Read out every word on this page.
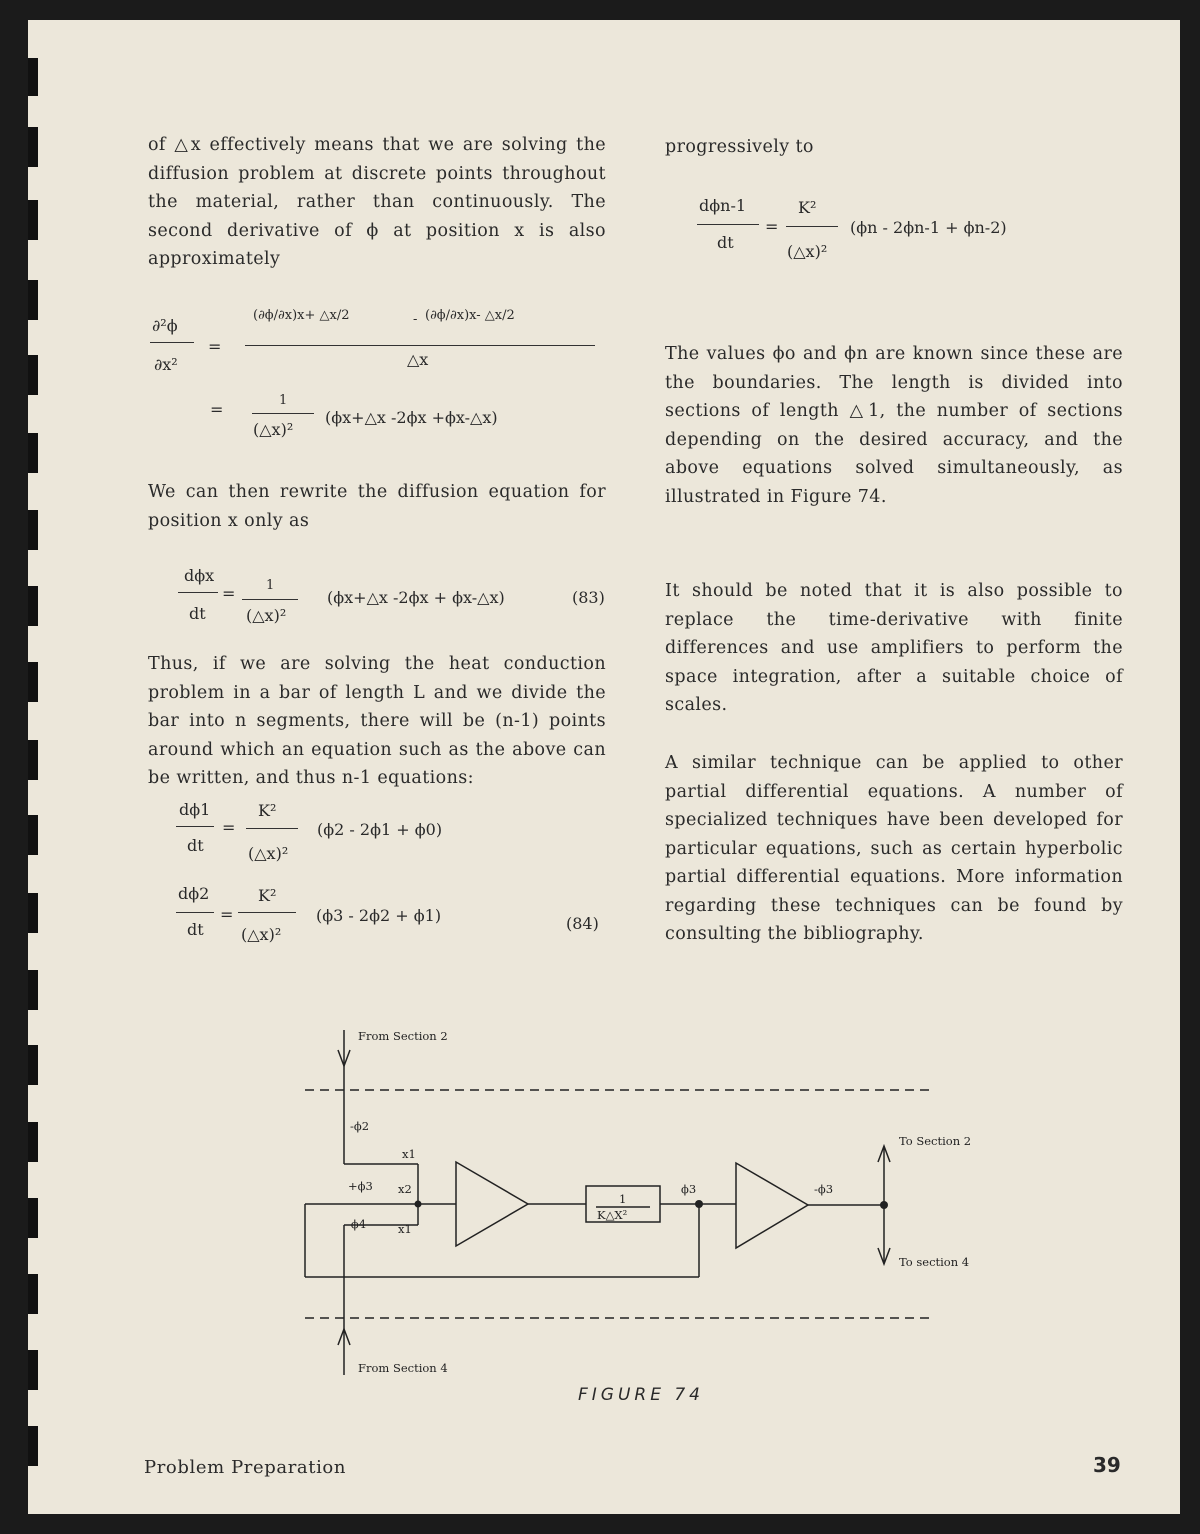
of △x effectively means that we are solving the diffusion problem at discrete points throughout the material, rather than continuously. The second derivative of ϕ at position x is also approximately

∂²ϕ
∂x²
=
(∂ϕ/∂x)x+ △x/2	- (∂ϕ/∂x)x- △x/2
△x
=	1
(△x)²
(ϕx+△x -2ϕx +ϕx-△x)

We can then rewrite the diffusion equation for position x only as

dϕx
dt
= 1
(△x)²
(ϕx+△x -2ϕx + ϕx-△x)	(83)

Thus, if we are solving the heat conduction problem in a bar of length L and we divide the bar into n segments, there will be (n-1) points around which an equation such as the above can be written, and thus n-1 equations:

dϕ1
dt
=
K²
(△x)²
(ϕ2 - 2ϕ1 + ϕ0)
dϕ2
dt
=
K²
(△x)²
(ϕ3 - 2ϕ2 + ϕ1)	(84)

progressively to

dϕn-1
dt
=
K²
(△x)²
(ϕn - 2ϕn-1 + ϕn-2)

The values ϕo and ϕn are known since these are the boundaries. The length is divided into sections of length △1, the number of sections depending on the desired accuracy, and the above equations solved simultaneously, as illustrated in Figure 74.

It should be noted that it is also possible to replace the time-derivative with finite differences and use amplifiers to perform the space integration, after a suitable choice of scales.

A similar technique can be applied to other partial differential equations. A number of specialized techniques have been developed for particular equations, such as certain hyperbolic partial differential equations. More information regarding these techniques can be found by consulting the bibliography.

From Section 2
From Section 4
To Section 2
To section 4
-ϕ2
+ϕ3
-ϕ4
x1
x2
x1
1
K△X²
ϕ3	-ϕ3
FIGURE 74
Problem Preparation	39
